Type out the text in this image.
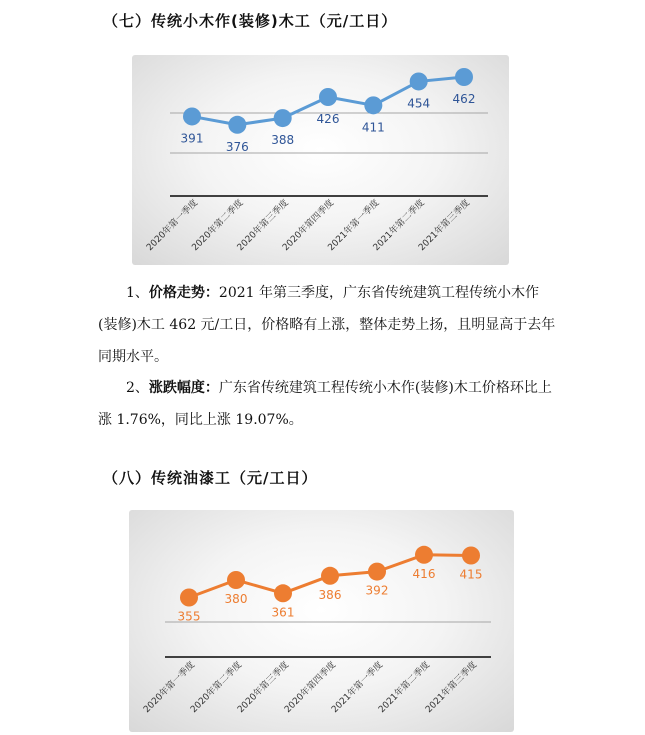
（七）传统小木作(装修)木工（元/工日）
391
376 388
426
411
454 462
2020年第一季度
2020年第二季度
2020年第三季度
2020年第四季度
2021年第一季度
2021年第二季度
2021年第三季度

1、价格走势：2021 年第三季度，广东省传统建筑工程传统小木作(装修)木工 462 元/工日，价格略有上涨，整体走势上扬，且明显高于去年同期水平。

2、涨跌幅度：广东省传统建筑工程传统小木作(装修)木工价格环比上涨 1.76%，同比上涨 19.07%。

（八）传统油漆工（元/工日）
355
380
361
386 392
416 415
2020年第一季度
2020年第二季度
2020年第三季度
2020年第四季度
2021年第一季度
2021年第二季度
2021年第三季度
